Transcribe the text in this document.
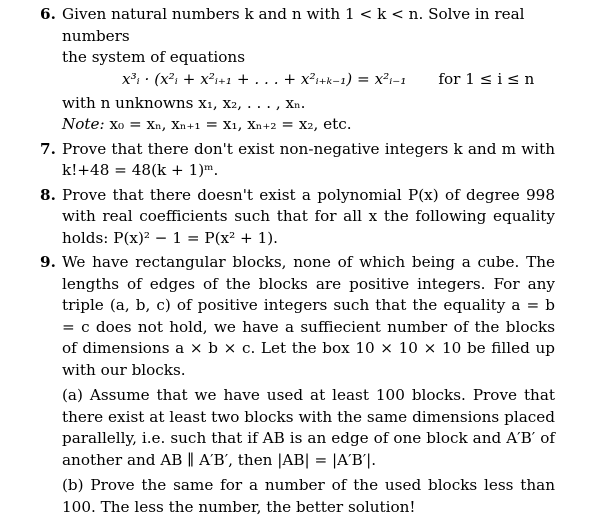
6. Given natural numbers k and n with 1 < k < n. Solve in real numbers
the system of equations
x³ᵢ · (x²ᵢ + x²ᵢ₊₁ + . . . + x²ᵢ₊ₖ₋₁) = x²ᵢ₋₁ for 1 ≤ i ≤ n
with n unknowns x₁, x₂, . . . , xₙ.
Note: x₀ = xₙ, xₙ₊₁ = x₁, xₙ₊₂ = x₂, etc.
7. Prove that there don't exist non-negative integers k and m with k!+48 = 48(k + 1)ᵐ.
8. Prove that there doesn't exist a polynomial P(x) of degree 998 with real coefficients such that for all x the following equality holds: P(x)² − 1 = P(x² + 1).
9. We have rectangular blocks, none of which being a cube. The lengths of edges of the blocks are positive integers. For any triple (a, b, c) of positive integers such that the equality a = b = c does not hold, we have a suffiecient number of the blocks of dimensions a × b × c. Let the box 10 × 10 × 10 be filled up with our blocks.
(a) Assume that we have used at least 100 blocks. Prove that there exist at least two blocks with the same dimensions placed parallelly, i.e. such that if AB is an edge of one block and A′B′ of another and AB ∥ A′B′, then |AB| = |A′B′|.
(b) Prove the same for a number of the used blocks less than 100. The less the number, the better solution!
